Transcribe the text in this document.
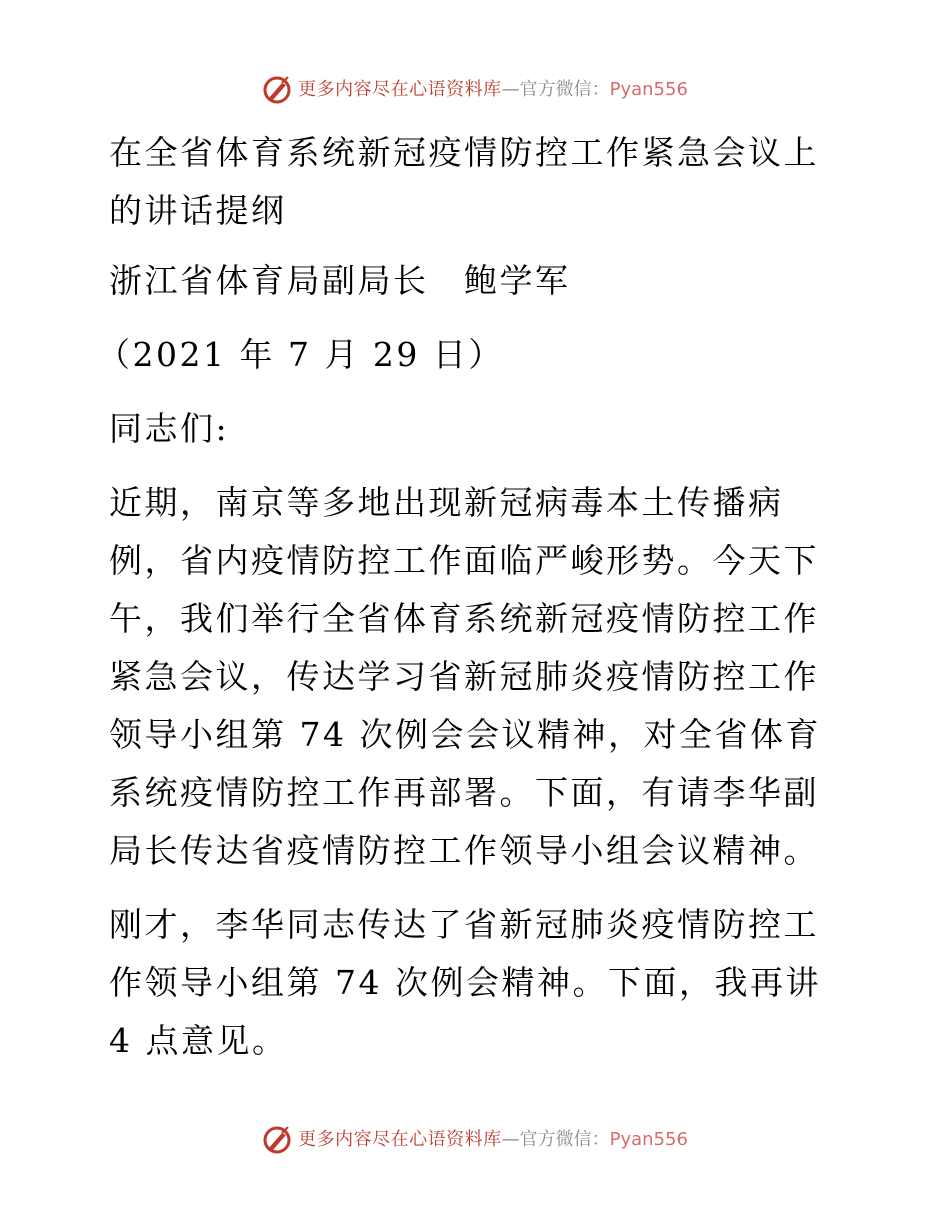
更多内容尽在心语资料库 — 官方微信： Pyan556

在全省体育系统新冠疫情防控工作紧急会议上的讲话提纲

浙江省体育局副局长　鲍学军

（2021 年 7 月 29 日）

同志们:

近期，南京等多地出现新冠病毒本土传播病例，省内疫情防控工作面临严峻形势。今天下午，我们举行全省体育系统新冠疫情防控工作紧急会议，传达学习省新冠肺炎疫情防控工作领导小组第 74 次例会会议精神，对全省体育系统疫情防控工作再部署。下面，有请李华副局长传达省疫情防控工作领导小组会议精神。

刚才，李华同志传达了省新冠肺炎疫情防控工作领导小组第 74 次例会精神。下面，我再讲 4 点意见。

更多内容尽在心语资料库 — 官方微信： Pyan556
